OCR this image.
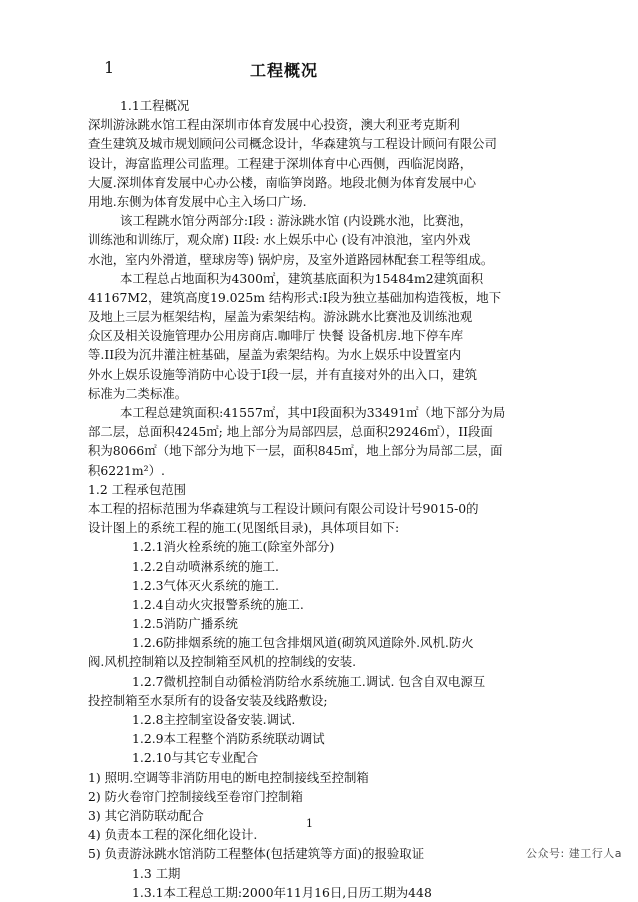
1	工程概况
1.1工程概况
深圳游泳跳水馆工程由深圳市体育发展中心投资，澳大利亚考克斯利
查生建筑及城市规划顾问公司概念设计，华森建筑与工程设计顾问有限公司
设计，海富监理公司监理。工程建于深圳体育中心西侧，西临泥岗路，
大厦.深圳体育发展中心办公楼，南临笋岗路。地段北侧为体育发展中心
用地.东侧为体育发展中心主入场口广场.
该工程跳水馆分两部分:I段 : 游泳跳水馆 (内设跳水池，比赛池，
训练池和训练厅，观众席) II段: 水上娱乐中心 (设有冲浪池，室内外戏
水池，室内外滑道，壁球房等) 锅炉房，及室外道路园林配套工程等组成。
本工程总占地面积为4300㎡，建筑基底面积为15484m2建筑面积
41167M2，建筑高度19.025m 结构形式:I段为独立基础加构造筏板，地下
及地上三层为框架结构，屋盖为索架结构。游泳跳水比赛池及训练池观
众区及相关设施管理办公用房商店.咖啡厅 快餐 设备机房.地下停车库
等.II段为沉井灌注桩基础，屋盖为索架结构。为水上娱乐中设置室内
外水上娱乐设施等消防中心设于I段一层，并有直接对外的出入口，建筑
标准为二类标准。
本工程总建筑面积:41557㎡，其中I段面积为33491㎡（地下部分为局
部二层，总面积4245㎡; 地上部分为局部四层，总面积29246㎡），II段面
积为8066㎡（地下部分为地下一层，面积845㎡，地上部分为局部二层，面
积6221m²）.
1.2 工程承包范围
本工程的招标范围为华森建筑与工程设计顾问有限公司设计号9015-0的
设计图上的系统工程的施工(见图纸目录)，具体项目如下:
1.2.1消火栓系统的施工(除室外部分)
1.2.2自动喷淋系统的施工.
1.2.3气体灭火系统的施工.
1.2.4自动火灾报警系统的施工.
1.2.5消防广播系统
1.2.6防排烟系统的施工包含排烟风道(砌筑风道除外.风机.防火
阀.风机控制箱以及控制箱至风机的控制线的安装.
1.2.7微机控制自动循检消防给水系统施工.调试. 包含自双电源互
投控制箱至水泵所有的设备安装及线路敷设;
1.2.8主控制室设备安装.调试.
1.2.9本工程整个消防系统联动调试
1.2.10与其它专业配合
1) 照明.空调等非消防用电的断电控制接线至控制箱
2) 防火卷帘门控制接线至卷帘门控制箱
3) 其它消防联动配合
4) 负责本工程的深化细化设计.
5) 负责游泳跳水馆消防工程整体(包括建筑等方面)的报验取证
1.3 工期
1.3.1本工程总工期:2000年11月16日,日历工期为448
1
公众号: 建工行人a
